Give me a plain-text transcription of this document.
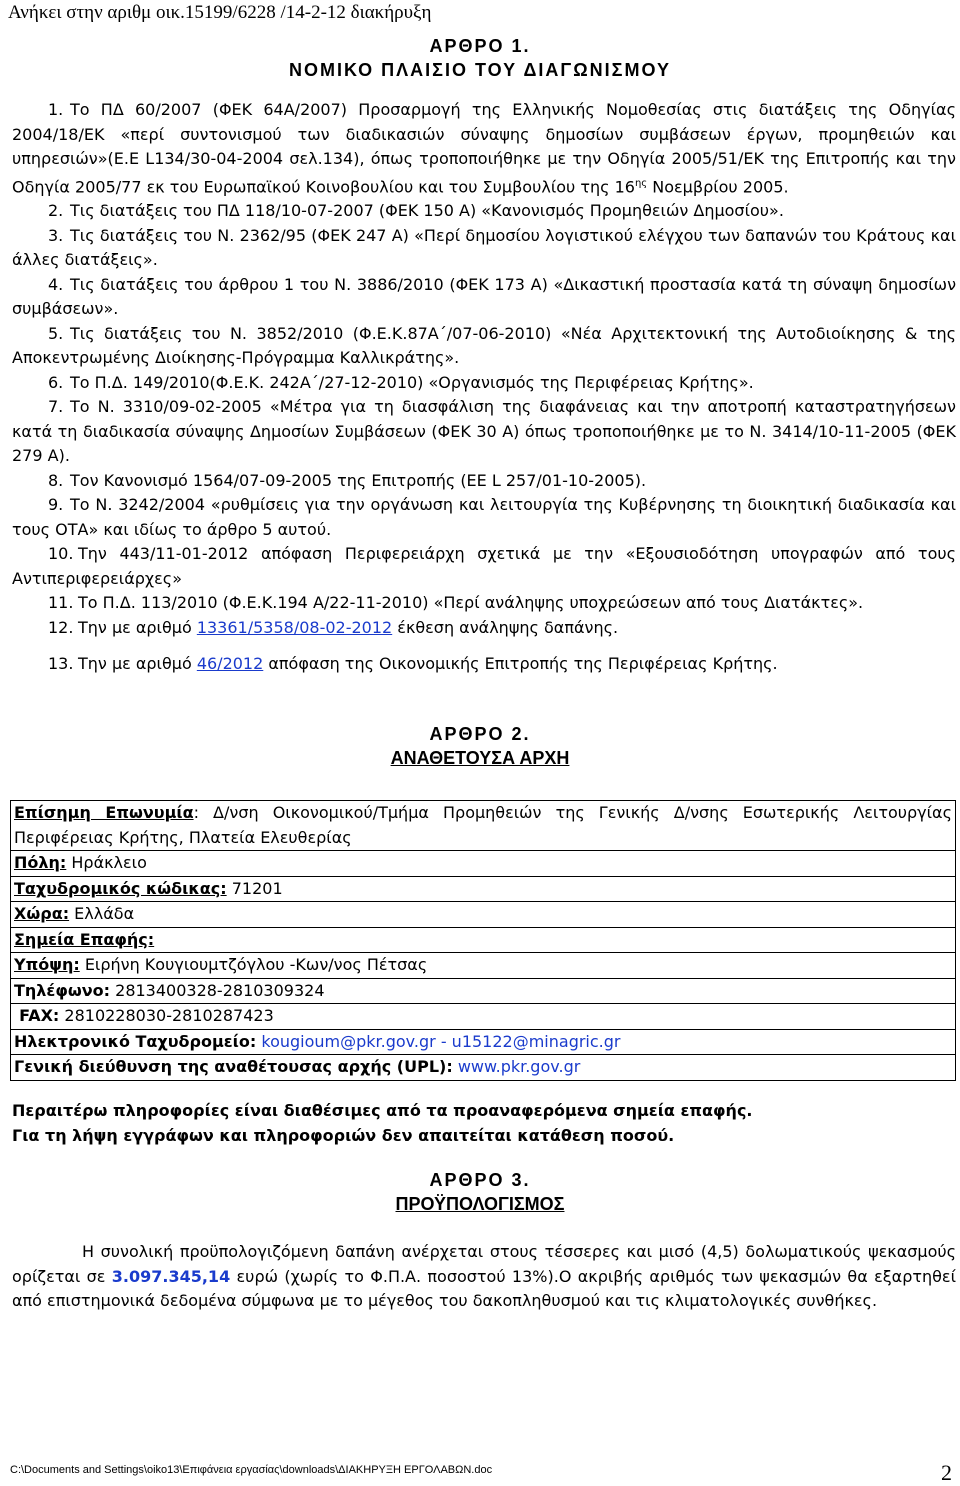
Ανήκει στην αριθμ οικ.15199/6228 /14-2-12 διακήρυξη
ΑΡΘΡΟ 1.
ΝΟΜΙΚΟ ΠΛΑΙΣΙΟ ΤΟΥ ΔΙΑΓΩΝΙΣΜΟΥ

1. Το ΠΔ 60/2007 (ΦΕΚ 64Α/2007) Προσαρμογή της Ελληνικής Νομοθεσίας στις διατάξεις της Οδηγίας 2004/18/ΕΚ «περί συντονισμού των διαδικασιών σύναψης δημοσίων συμβάσεων έργων, προμηθειών και υπηρεσιών»(Ε.Ε L134/30-04-2004 σελ.134), όπως τροποποιήθηκε με την Οδηγία 2005/51/ΕΚ της Επιτροπής και την Οδηγία 2005/77 εκ του Ευρωπαϊκού Κοινοβουλίου και του Συμβουλίου της $16^{\eta\varsigma}$ Νοεμβρίου 2005.

2. Τις διατάξεις του ΠΔ 118/10-07-2007 (ΦΕΚ 150 Α) «Κανονισμός Προμηθειών Δημοσίου».

3. Τις διατάξεις του Ν. 2362/95 (ΦΕΚ 247 Α) «Περί δημοσίου λογιστικού ελέγχου των δαπανών του Κράτους και άλλες διατάξεις».

4. Τις διατάξεις του άρθρου 1 του Ν. 3886/2010 (ΦΕΚ 173 Α) «Δικαστική προστασία κατά τη σύναψη δημοσίων συμβάσεων».

5. Τις διατάξεις του Ν. 3852/2010 (Φ.Ε.Κ.87Α΄/07-06-2010) «Νέα Αρχιτεκτονική της Αυτοδιοίκησης & της Αποκεντρωμένης Διοίκησης-Πρόγραμμα Καλλικράτης».

6. Το Π.Δ. 149/2010(Φ.Ε.Κ. 242Α΄/27-12-2010) «Οργανισμός της Περιφέρειας Κρήτης».

7. Το Ν. 3310/09-02-2005 «Μέτρα για τη διασφάλιση της διαφάνειας και την αποτροπή καταστρατηγήσεων κατά τη διαδικασία σύναψης Δημοσίων Συμβάσεων (ΦΕΚ 30 Α) όπως τροποποιήθηκε με το Ν. 3414/10-11-2005 (ΦΕΚ 279 Α).

8. Τον Κανονισμό 1564/07-09-2005 της Επιτροπής (ΕΕ L 257/01-10-2005).

9. Το Ν. 3242/2004 «ρυθμίσεις για την οργάνωση και λειτουργία της Κυβέρνησης τη διοικητική διαδικασία και τους ΟΤΑ» και ιδίως το άρθρο 5 αυτού.

10. Την 443/11-01-2012 απόφαση Περιφερειάρχη σχετικά με την «Εξουσιοδότηση υπογραφών από τους Αντιπεριφερειάρχες»

11. Το Π.Δ. 113/2010 (Φ.Ε.Κ.194 Α/22-11-2010) «Περί ανάληψης υποχρεώσεων από τους Διατάκτες».

12. Την με αριθμό 13361/5358/08-02-2012 έκθεση ανάληψης δαπάνης.

13. Την με αριθμό 46/2012 απόφαση της Οικονομικής Επιτροπής της Περιφέρειας Κρήτης.

ΑΡΘΡΟ 2.
ΑΝΑΘΕΤΟΥΣΑ ΑΡΧΗ
Επίσημη Επωνυμία: Δ/νση Οικονομικού/Τμήμα Προμηθειών της Γενικής Δ/νσης Εσωτερικής Λειτουργίας Περιφέρειας Κρήτης, Πλατεία Ελευθερίας
Πόλη: Ηράκλειο
Ταχυδρομικός κώδικας: 71201
Χώρα: Ελλάδα
Σημεία Επαφής:
Υπόψη: Ειρήνη Κουγιουμτζόγλου -Κων/νος Πέτσας
Τηλέφωνο: 2813400328-2810309324
FAX: 2810228030-2810287423
Ηλεκτρονικό Ταχυδρομείο: kougioum@pkr.gov.gr - u15122@minagric.gr
Γενική διεύθυνση της αναθέτουσας αρχής (UPL): www.pkr.gov.gr
Περαιτέρω πληροφορίες είναι διαθέσιμες από τα προαναφερόμενα σημεία επαφής.
Για τη λήψη εγγράφων και πληροφοριών δεν απαιτείται κατάθεση ποσού.
ΑΡΘΡΟ 3.
ΠΡΟΫΠΟΛΟΓΙΣΜΟΣ
Η συνολική προϋπολογιζόμενη δαπάνη ανέρχεται στους τέσσερες και μισό (4,5) δολωματικούς ψεκασμούς ορίζεται σε 3.097.345,14 ευρώ (χωρίς το Φ.Π.Α. ποσοστού 13%).Ο ακριβής αριθμός των ψεκασμών θα εξαρτηθεί από επιστημονικά δεδομένα σύμφωνα με το μέγεθος του δακοπληθυσμού και τις κλιματολογικές συνθήκες.
C:\Documents and Settings\oiko13\Επιφάνεια εργασίας\downloads\ΔΙΑΚΗΡΥΞΗ ΕΡΓΟΛΑΒΩΝ.doc	2
